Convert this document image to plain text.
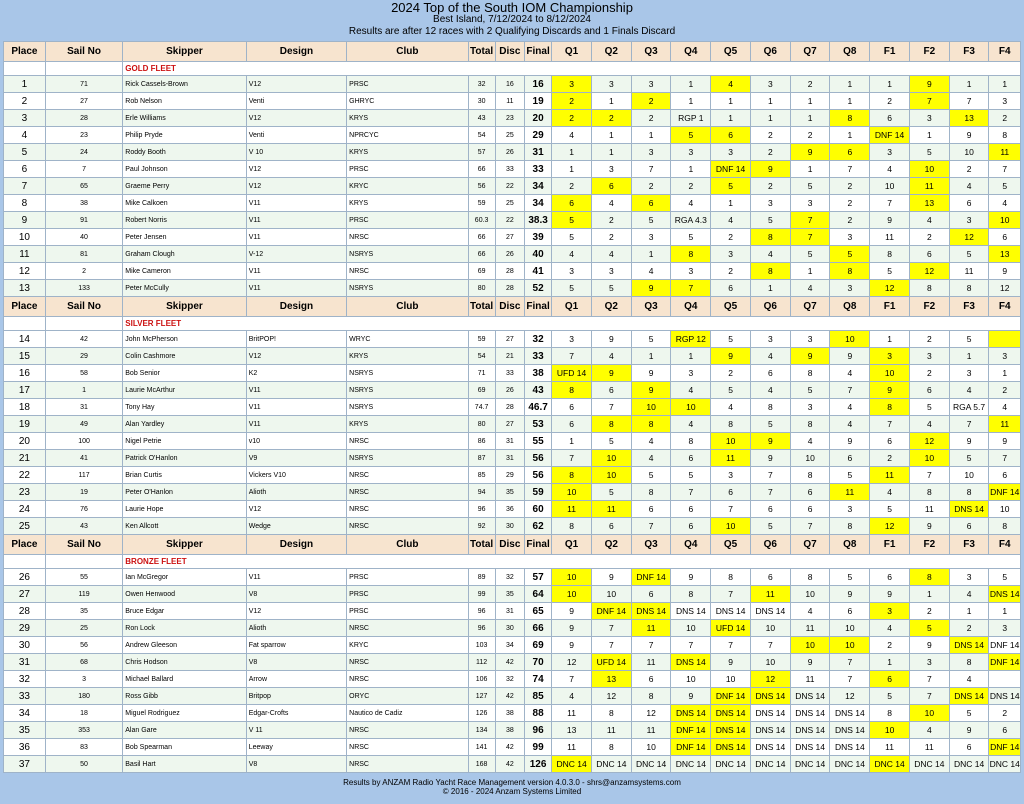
2024 Top of the South IOM Championship
Best Island, 7/12/2024 to 8/12/2024
Results are after 12 races with 2 Qualifying Discards and 1 Finals Discard
Place	Sail No	Skipper	Design	Club	Total	Disc	Final	Q1	Q2	Q3	Q4	Q5	Q6	Q7	Q8	F1	F2	F3	F4
		GOLD FLEET																	
1	71	Rick Cassels-Brown	V12	PRSC	32	16	16	3	3	3	1	4	3	2	1	1	9	1	1
2	27	Rob Nelson	Venti	GHRYC	30	11	19	2	1	2	1	1	1	1	1	2	7	7	3
3	28	Erle Williams	V12	KRYS	43	23	20	2	2	2	RGP 1	1	1	1	8	6	3	13	2
4	23	Philip Pryde	Venti	NPRCYC	54	25	29	4	1	1	5	6	2	2	1	DNF 14	1	9	8
5	24	Roddy Booth	V 10	KRYS	57	26	31	1	1	3	3	3	2	9	6	3	5	10	11
6	7	Paul Johnson	V12	PRSC	66	33	33	1	3	7	1	DNF 14	9	1	7	4	10	2	7
7	65	Graeme Perry	V12	KRYC	56	22	34	2	6	2	2	5	2	5	2	10	11	4	5
8	38	Mike Calkoen	V11	KRYS	59	25	34	6	4	6	4	1	3	3	2	7	13	6	4
9	91	Robert Norris	V11	PRSC	60.3	22	38.3	5	2	5	RGA 4.3	4	5	7	2	9	4	3	10
10	40	Peter Jensen	V11	NRSC	66	27	39	5	2	3	5	2	8	7	3	11	2	12	6
11	81	Graham Clough	V-12	NSRYS	66	26	40	4	4	1	8	3	4	5	5	8	6	5	13
12	2	Mike Cameron	V11	NRSC	69	28	41	3	3	4	3	2	8	1	8	5	12	11	9
13	133	Peter McCully	V11	NSRYS	80	28	52	5	5	9	7	6	1	4	3	12	8	8	12
Place	Sail No	Skipper	Design	Club	Total	Disc	Final	Q1	Q2	Q3	Q4	Q5	Q6	Q7	Q8	F1	F2	F3	F4
		SILVER FLEET																	
14	42	John McPherson	BritPOP!	WRYC	59	27	32	3	9	5	RGP 12	5	3	3	10	1	2	5	
15	29	Colin Cashmore	V12	KRYS	54	21	33	7	4	1	1	9	4	9	9	3	3	1	3
16	58	Bob Senior	K2	NSRYS	71	33	38	UFD 14	9	9	3	2	6	8	4	10	2	3	1
17	1	Laurie McArthur	V11	NSRYS	69	26	43	8	6	9	4	5	4	5	7	9	6	4	2
18	31	Tony Hay	V11	NSRYS	74.7	28	46.7	6	7	10	10	4	8	3	4	8	5	RGA 5.7	4
19	49	Alan Yardley	V11	KRYS	80	27	53	6	8	8	4	8	5	8	4	7	4	7	11
20	100	Nigel Petrie	v10	NRSC	86	31	55	1	5	4	8	10	9	4	9	6	12	9	9
21	41	Patrick O'Hanlon	V9	NSRYS	87	31	56	7	10	4	6	11	9	10	6	2	10	5	7
22	117	Brian Curtis	Vickers V10	NRSC	85	29	56	8	10	5	5	3	7	8	5	11	7	10	6
23	19	Peter O'Hanlon	Alioth	NRSC	94	35	59	10	5	8	7	6	7	6	11	4	8	8	DNF 14
24	76	Laurie Hope	V12	NRSC	96	36	60	11	11	6	6	7	6	6	3	5	11	DNS 14	10
25	43	Ken Allcott	Wedge	NRSC	92	30	62	8	6	7	6	10	5	7	8	12	9	6	8
Place	Sail No	Skipper	Design	Club	Total	Disc	Final	Q1	Q2	Q3	Q4	Q5	Q6	Q7	Q8	F1	F2	F3	F4
		BRONZE FLEET																	
26	55	Ian McGregor	V11	PRSC	89	32	57	10	9	DNF 14	9	8	6	8	5	6	8	3	5
27	119	Owen Henwood	V8	PRSC	99	35	64	10	10	6	8	7	11	10	9	9	1	4	DNS 14
28	35	Bruce Edgar	V12	PRSC	96	31	65	9	DNF 14	DNS 14	DNS 14	DNS 14	DNS 14	4	6	3	2	1	1
29	25	Ron Lock	Alioth	NRSC	96	30	66	9	7	11	10	UFD 14	10	11	10	4	5	2	3
30	56	Andrew Gleeson	Fat sparrow	KRYC	103	34	69	9	7	7	7	7	7	10	10	2	9	DNS 14	DNF 14
31	68	Chris Hodson	V8	NRSC	112	42	70	12	UFD 14	11	DNS 14	9	10	9	7	1	3	8	DNF 14
32	3	Michael Ballard	Arrow	NRSC	106	32	74	7	13	6	10	10	12	11	7	6	7	4	
33	180	Ross Gibb	Britpop	ORYC	127	42	85	4	12	8	9	DNF 14	DNS 14	DNS 14	12	5	7	DNS 14	DNS 14
34	18	Miguel Rodriguez	Edgar-Crofts	Nautico de Cadiz	126	38	88	11	8	12	DNS 14	DNS 14	DNS 14	DNS 14	DNS 14	8	10	5	2
35	353	Alan Gare	V 11	NRSC	134	38	96	13	11	11	DNF 14	DNS 14	DNS 14	DNS 14	DNS 14	10	4	9	6
36	83	Bob Spearman	Leeway	NRSC	141	42	99	11	8	10	DNF 14	DNS 14	DNS 14	DNS 14	DNS 14	11	11	6	DNF 14
37	50	Basil Hart	V8	NRSC	168	42	126	DNC 14	DNC 14	DNC 14	DNC 14	DNC 14	DNC 14	DNC 14	DNC 14	DNC 14	DNC 14	DNC 14	DNC 14
Results by ANZAM Radio Yacht Race Management version 4.0.3.0 - shrs@anzamsystems.com
© 2016 - 2024 Anzam Systems Limited
